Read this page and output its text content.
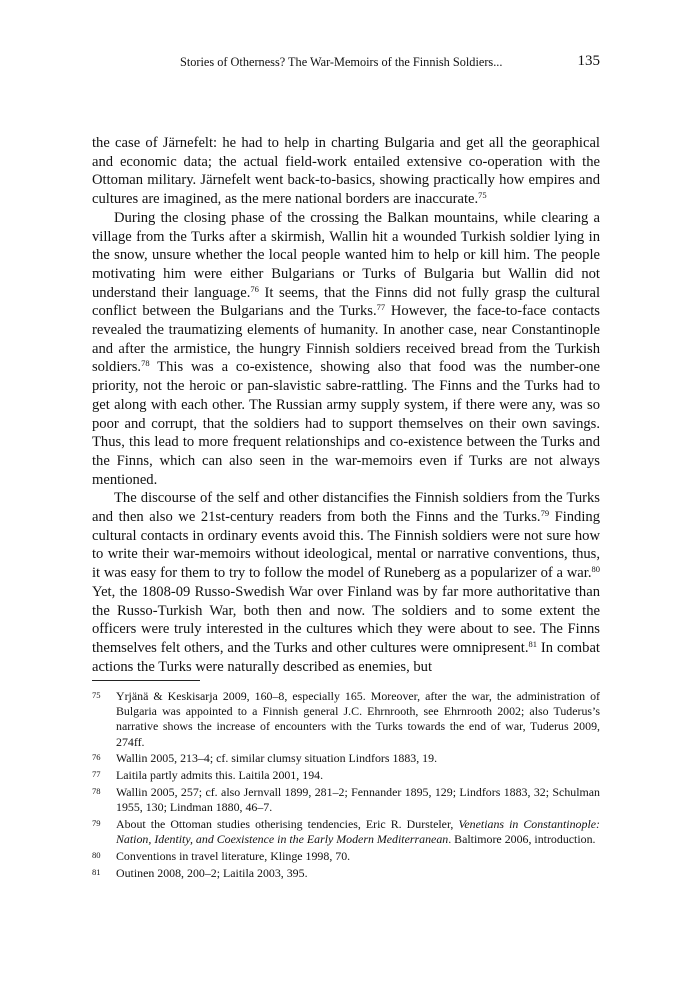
Stories of Otherness? The War-Memoirs of the Finnish Soldiers...	135

the case of Järnefelt: he had to help in charting Bulgaria and get all the georaphical and economic data; the actual field-work entailed extensive co-operation with the Ottoman military. Järnefelt went back-to-basics, showing practically how empires and cultures are imagined, as the mere national borders are inaccurate.$^{75}$

During the closing phase of the crossing the Balkan mountains, while clearing a village from the Turks after a skirmish, Wallin hit a wounded Turkish soldier lying in the snow, unsure whether the local people wanted him to help or kill him. The people motivating him were either Bulgarians or Turks of Bulgaria but Wallin did not understand their language.$^{76}$ It seems, that the Finns did not fully grasp the cultural conflict between the Bulgarians and the Turks.$^{77}$ However, the face-to-face contacts revealed the traumatizing elements of humanity. In another case, near Constantinople and after the armistice, the hungry Finnish soldiers received bread from the Turkish soldiers.$^{78}$ This was a co-existence, showing also that food was the number-one priority, not the heroic or pan-slavistic sabre-rattling. The Finns and the Turks had to get along with each other. The Russian army supply system, if there were any, was so poor and corrupt, that the soldiers had to support themselves on their own savings. Thus, this lead to more frequent relationships and co-existence between the Turks and the Finns, which can also seen in the war-memoirs even if Turks are not always mentioned.

The discourse of the self and other distancifies the Finnish soldiers from the Turks and then also we 21st-century readers from both the Finns and the Turks.$^{79}$ Finding cultural contacts in ordinary events avoid this. The Finnish soldiers were not sure how to write their war-memoirs without ideological, mental or narrative conventions, thus, it was easy for them to try to follow the model of Runeberg as a popularizer of a war.$^{80}$ Yet, the 1808-09 Russo-Swedish War over Finland was by far more authoritative than the Russo-Turkish War, both then and now. The soldiers and to some extent the officers were truly interested in the cultures which they were about to see. The Finns themselves felt others, and the Turks and other cultures were omnipresent.$^{81}$ In combat actions the Turks were naturally described as enemies, but

75	Yrjänä & Keskisarja 2009, 160–8, especially 165. Moreover, after the war, the administration of Bulgaria was appointed to a Finnish general J.C. Ehrnrooth, see Ehrnrooth 2002; also Tuderus’s narrative shows the increase of encounters with the Turks towards the end of war, Tuderus 2009, 274ff.
76	Wallin 2005, 213–4; cf. similar clumsy situation Lindfors 1883, 19.
77	Laitila partly admits this. Laitila 2001, 194.
78	Wallin 2005, 257; cf. also Jernvall 1899, 281–2; Fennander 1895, 129; Lindfors 1883, 32; Schulman 1955, 130; Lindman 1880, 46–7.
79	About the Ottoman studies otherising tendencies, Eric R. Dursteler, Venetians in Constantinople: Nation, Identity, and Coexistence in the Early Modern Mediterranean. Baltimore 2006, introduction.
80	Conventions in travel literature, Klinge 1998, 70.
81	Outinen 2008, 200–2; Laitila 2003, 395.
